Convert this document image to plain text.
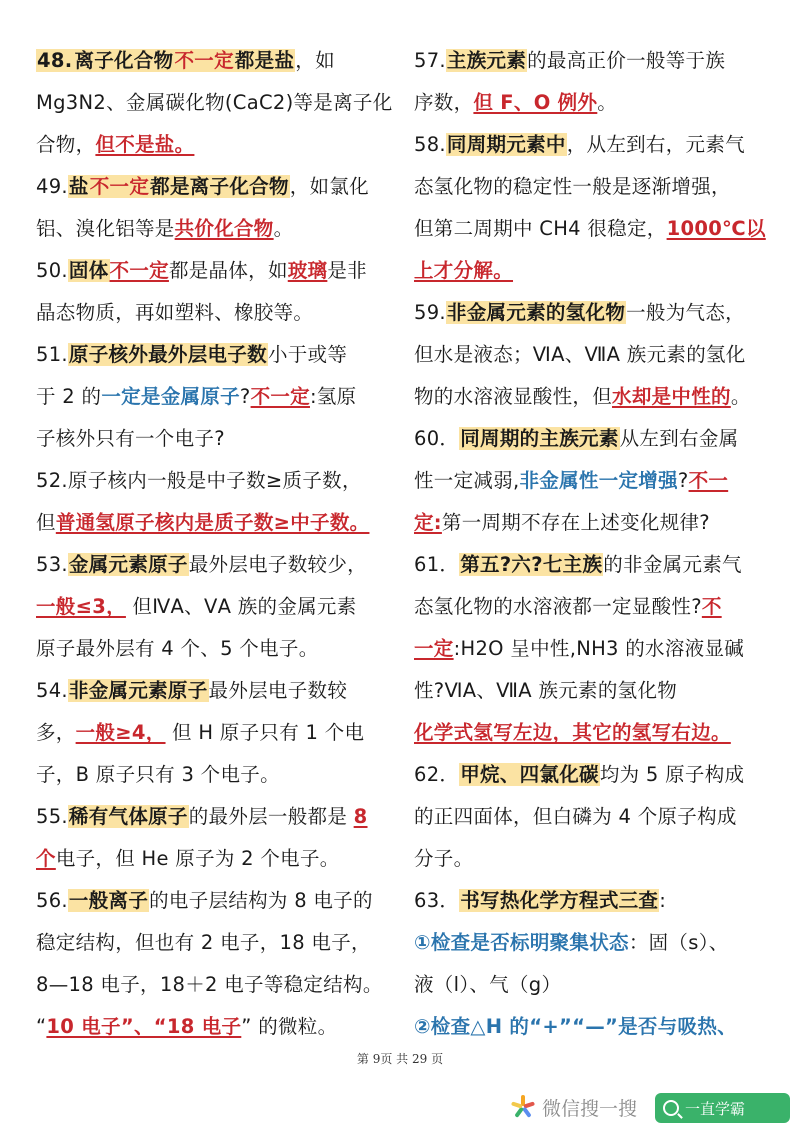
48. 离子化合物不一定都是盐，如
Mg3N2、金属碳化物(CaC2)等是离子化
合物，但不是盐。
49.盐不一定都是离子化合物，如氯化
铝、溴化铝等是共价化合物。
50.固体不一定都是晶体，如玻璃是非
晶态物质，再如塑料、橡胶等。
51.原子核外最外层电子数小于或等
于 2 的一定是金属原子?不一定:氢原
子核外只有一个电子?
52.原子核内一般是中子数≥质子数，
但普通氢原子核内是质子数≥中子数。
53.金属元素原子最外层电子数较少，
一般≤3， 但ⅣA、ⅤA 族的金属元素
原子最外层有 4 个、5 个电子。
54.非金属元素原子最外层电子数较
多，一般≥4， 但 H 原子只有 1 个电
子，B 原子只有 3 个电子。
55.稀有气体原子的最外层一般都是 8
个电子，但 He 原子为 2 个电子。
56.一般离子的电子层结构为 8 电子的
稳定结构，但也有 2 电子，18 电子，
8—18 电子，18＋2 电子等稳定结构。
“10 电子”、“18 电子” 的微粒。
57.主族元素的最高正价一般等于族
序数，但 F、O 例外。
58.同周期元素中，从左到右，元素气
态氢化物的稳定性一般是逐渐增强，
但第二周期中 CH4 很稳定，1000℃以
上才分解。
59.非金属元素的氢化物一般为气态，
但水是液态；ⅥA、ⅦA 族元素的氢化
物的水溶液显酸性，但水却是中性的。
60．同周期的主族元素从左到右金属
性一定减弱,非金属性一定增强?不一
定:第一周期不存在上述变化规律?
61．第五?六?七主族的非金属元素气
态氢化物的水溶液都一定显酸性?不
一定:H2O 呈中性,NH3 的水溶液显碱
性?ⅥA、ⅦA 族元素的氢化物
化学式氢写左边，其它的氢写右边。
62．甲烷、四氯化碳均为 5 原子构成
的正四面体，但白磷为 4 个原子构成
分子。
63．书写热化学方程式三查:
①检查是否标明聚集状态：固（s）、
液（l）、气（g）
②检查△H 的“+”“—”是否与吸热、
第 9页 共 29 页
微信搜一搜	一直学霸
